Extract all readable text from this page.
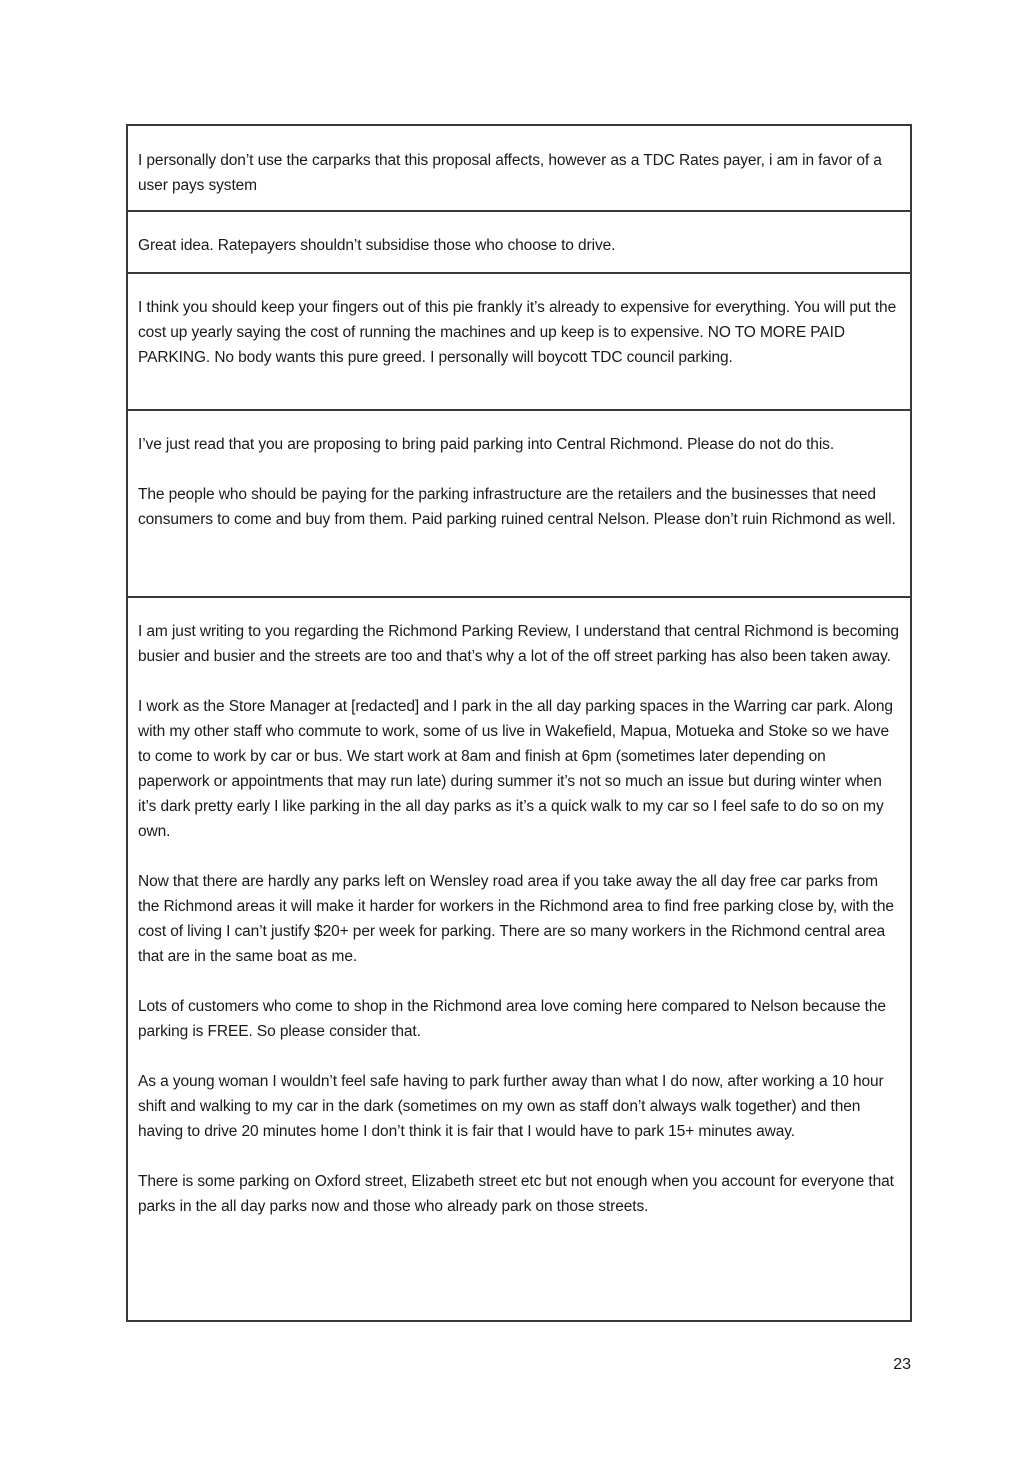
I personally don’t use the carparks that this proposal affects, however as a TDC Rates payer, i am in favor of a user pays system

Great idea. Ratepayers shouldn’t subsidise those who choose to drive.

I think you should keep your fingers out of this pie frankly it’s already to expensive for everything. You will put the cost up yearly saying the cost of running the machines and up keep is to expensive. NO TO MORE PAID PARKING. No body wants this pure greed. I personally will boycott TDC council parking.

I’ve just read that you are proposing to bring paid parking into Central Richmond. Please do not do this.

The people who should be paying for the parking infrastructure are the retailers and the businesses that need consumers to come and buy from them. Paid parking ruined central Nelson. Please don’t ruin Richmond as well.

I am just writing to you regarding the Richmond Parking Review, I understand that central Richmond is becoming busier and busier and the streets are too and that’s why a lot of the off street parking has also been taken away.

I work as the Store Manager at [redacted] and I park in the all day parking spaces in the Warring car park. Along with my other staff who commute to work, some of us live in Wakefield, Mapua, Motueka and Stoke so we have to come to work by car or bus. We start work at 8am and finish at 6pm (sometimes later depending on paperwork or appointments that may run late) during summer it’s not so much an issue but during winter when it’s dark pretty early I like parking in the all day parks as it’s a quick walk to my car so I feel safe to do so on my own.

Now that there are hardly any parks left on Wensley road area if you take away the all day free car parks from the Richmond areas it will make it harder for workers in the Richmond area to find free parking close by, with the cost of living I can’t justify $20+ per week for parking. There are so many workers in the Richmond central area that are in the same boat as me.

Lots of customers who come to shop in the Richmond area love coming here compared to Nelson because the parking is FREE. So please consider that.

As a young woman I wouldn’t feel safe having to park further away than what I do now, after working a 10 hour shift and walking to my car in the dark (sometimes on my own as staff don’t always walk together) and then having to drive 20 minutes home I don’t think it is fair that I would have to park 15+ minutes away.

There is some parking on Oxford street, Elizabeth street etc but not enough when you account for everyone that parks in the all day parks now and those who already park on those streets.

23
